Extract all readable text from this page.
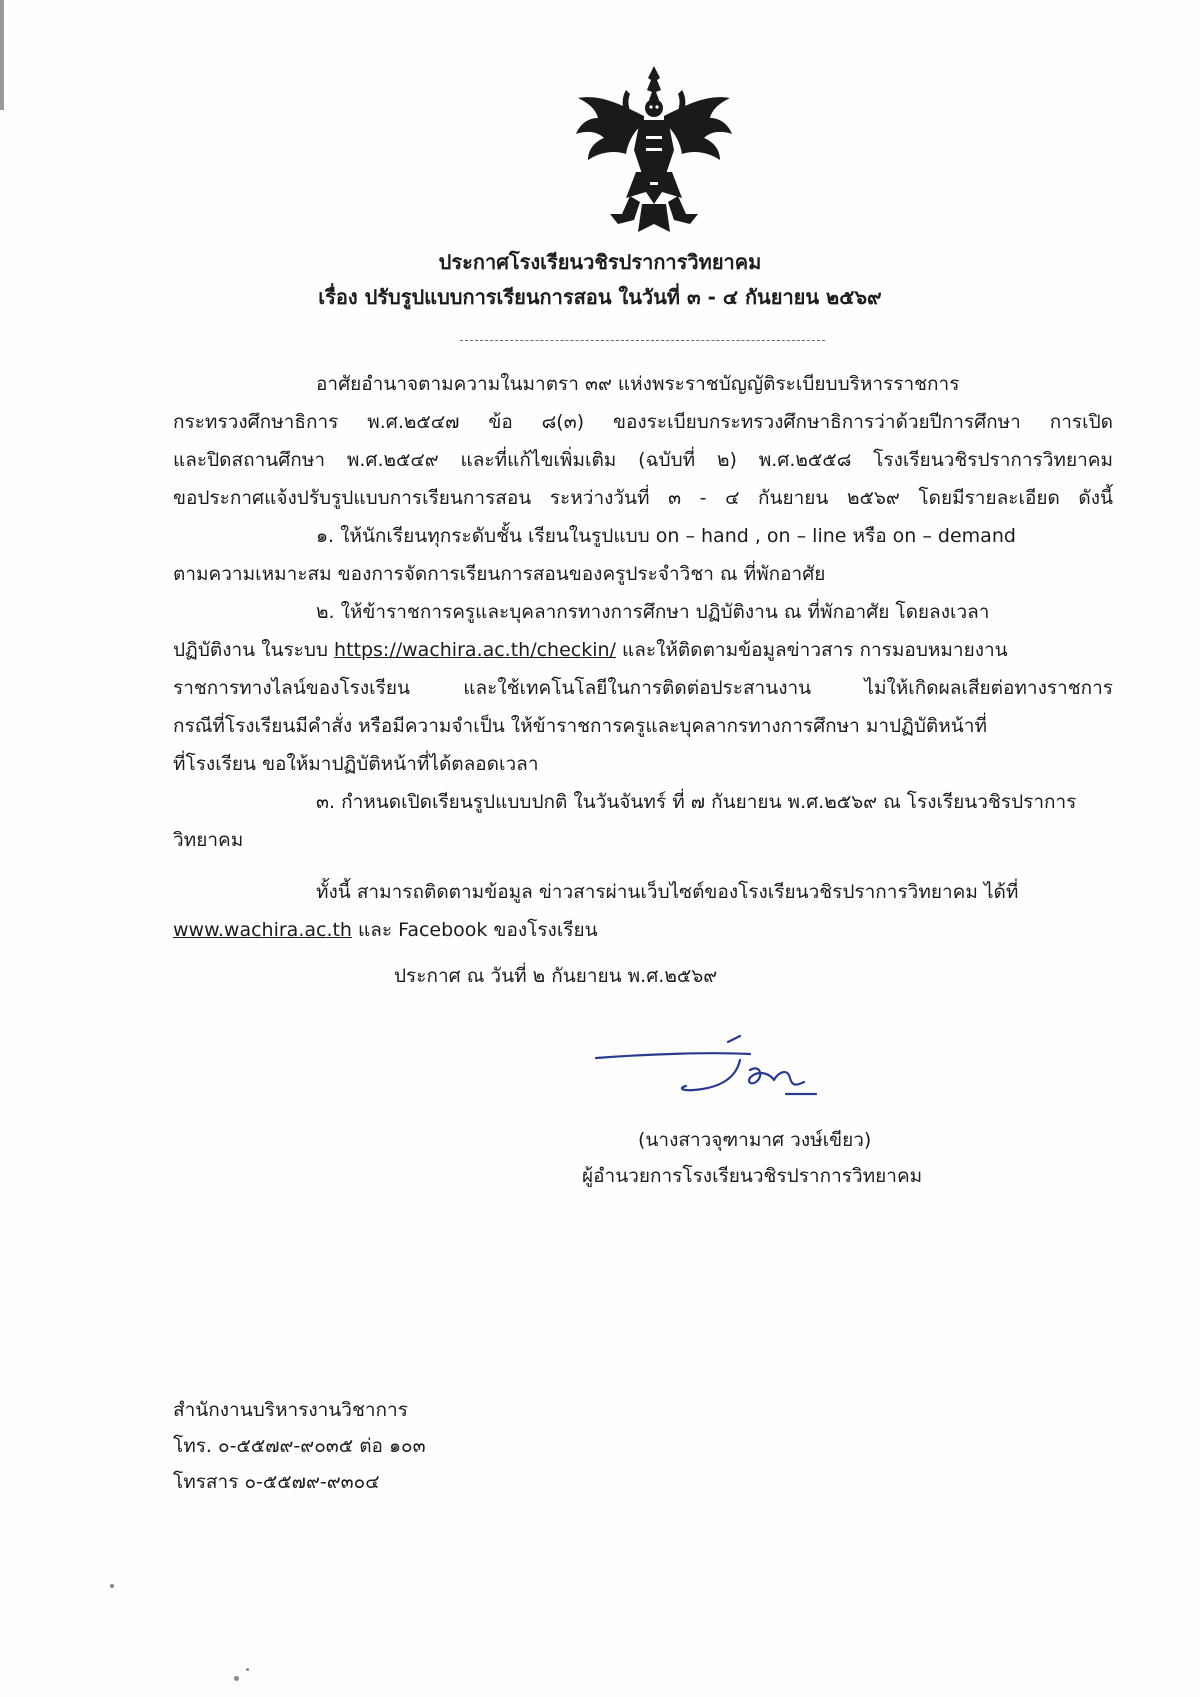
ประกาศโรงเรียนวชิรปราการวิทยาคม
เรื่อง ปรับรูปแบบการเรียนการสอน ในวันที่ ๓ - ๔ กันยายน ๒๕๖๙
อาศัยอำนาจตามความในมาตรา ๓๙ แห่งพระราชบัญญัติระเบียบบริหารราชการ
กระทรวงศึกษาธิการ พ.ศ.๒๕๔๗ ข้อ ๘(๓) ของระเบียบกระทรวงศึกษาธิการว่าด้วยปีการศึกษา การเปิด
และปิดสถานศึกษา พ.ศ.๒๕๔๙ และที่แก้ไขเพิ่มเติม (ฉบับที่ ๒) พ.ศ.๒๕๕๘ โรงเรียนวชิรปราการวิทยาคม
ขอประกาศแจ้งปรับรูปแบบการเรียนการสอน ระหว่างวันที่ ๓ - ๔ กันยายน ๒๕๖๙ โดยมีรายละเอียด ดังนี้
๑. ให้นักเรียนทุกระดับชั้น เรียนในรูปแบบ on – hand , on – line หรือ on – demand
ตามความเหมาะสม ของการจัดการเรียนการสอนของครูประจำวิชา ณ ที่พักอาศัย
๒. ให้ข้าราชการครูและบุคลากรทางการศึกษา ปฏิบัติงาน ณ ที่พักอาศัย โดยลงเวลา
ปฏิบัติงาน ในระบบ https://wachira.ac.th/checkin/ และให้ติดตามข้อมูลข่าวสาร การมอบหมายงาน
ราชการทางไลน์ของโรงเรียน และใช้เทคโนโลยีในการติดต่อประสานงาน ไม่ให้เกิดผลเสียต่อทางราชการ
กรณีที่โรงเรียนมีคำสั่ง หรือมีความจำเป็น ให้ข้าราชการครูและบุคลากรทางการศึกษา มาปฏิบัติหน้าที่
ที่โรงเรียน ขอให้มาปฏิบัติหน้าที่ได้ตลอดเวลา
๓. กำหนดเปิดเรียนรูปแบบปกติ ในวันจันทร์ ที่ ๗ กันยายน พ.ศ.๒๕๖๙ ณ โรงเรียนวชิรปราการ
วิทยาคม
ทั้งนี้ สามารถติดตามข้อมูล ข่าวสารผ่านเว็บไซต์ของโรงเรียนวชิรปราการวิทยาคม ได้ที่
www.wachira.ac.th และ Facebook ของโรงเรียน
ประกาศ ณ วันที่ ๒ กันยายน พ.ศ.๒๕๖๙
(นางสาวจุฑามาศ วงษ์เขียว)
ผู้อำนวยการโรงเรียนวชิรปราการวิทยาคม
สำนักงานบริหารงานวิชาการ
โทร. ๐-๕๕๗๙-๙๐๓๕ ต่อ ๑๐๓
โทรสาร ๐-๕๕๗๙-๙๓๐๔
